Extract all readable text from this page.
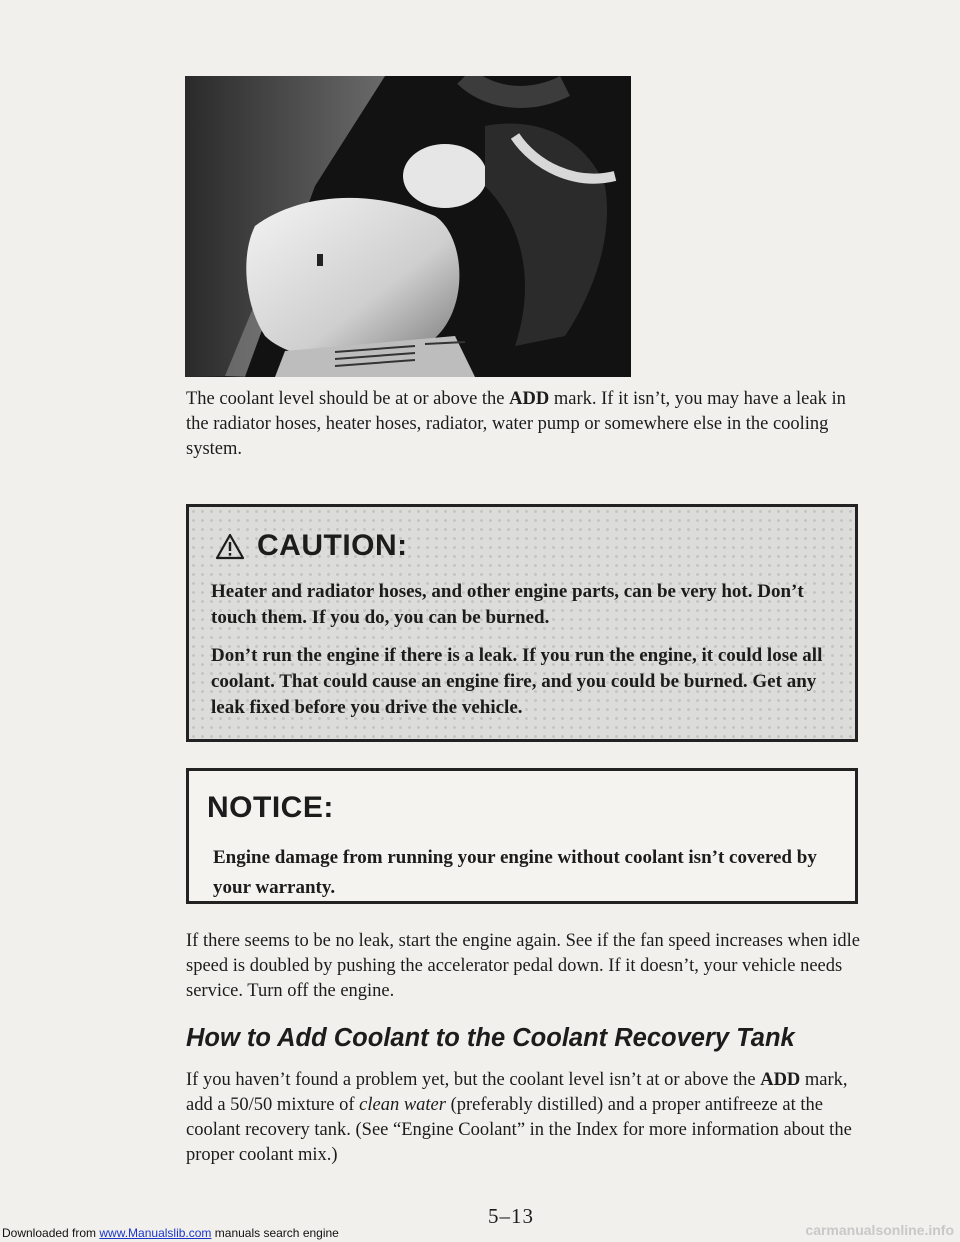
The coolant level should be at or above the ADD mark. If it isn’t, you may have a leak in the radiator hoses, heater hoses, radiator, water pump or somewhere else in the cooling system.

CAUTION:

Heater and radiator hoses, and other engine parts, can be very hot. Don’t touch them. If you do, you can be burned.

Don’t run the engine if there is a leak. If you run the engine, it could lose all coolant. That could cause an engine fire, and you could be burned. Get any leak fixed before you drive the vehicle.

NOTICE:

Engine damage from running your engine without coolant isn’t covered by your warranty.

If there seems to be no leak, start the engine again. See if the fan speed increases when idle speed is doubled by pushing the accelerator pedal down. If it doesn’t, your vehicle needs service. Turn off the engine.

How to Add Coolant to the Coolant Recovery Tank

If you haven’t found a problem yet, but the coolant level isn’t at or above the ADD mark, add a 50/50 mixture of clean water (preferably distilled) and a proper antifreeze at the coolant recovery tank. (See “Engine Coolant” in the Index for more information about the proper coolant mix.)

5–13
Downloaded from www.Manualslib.com manuals search engine	carmanualsonline.info
